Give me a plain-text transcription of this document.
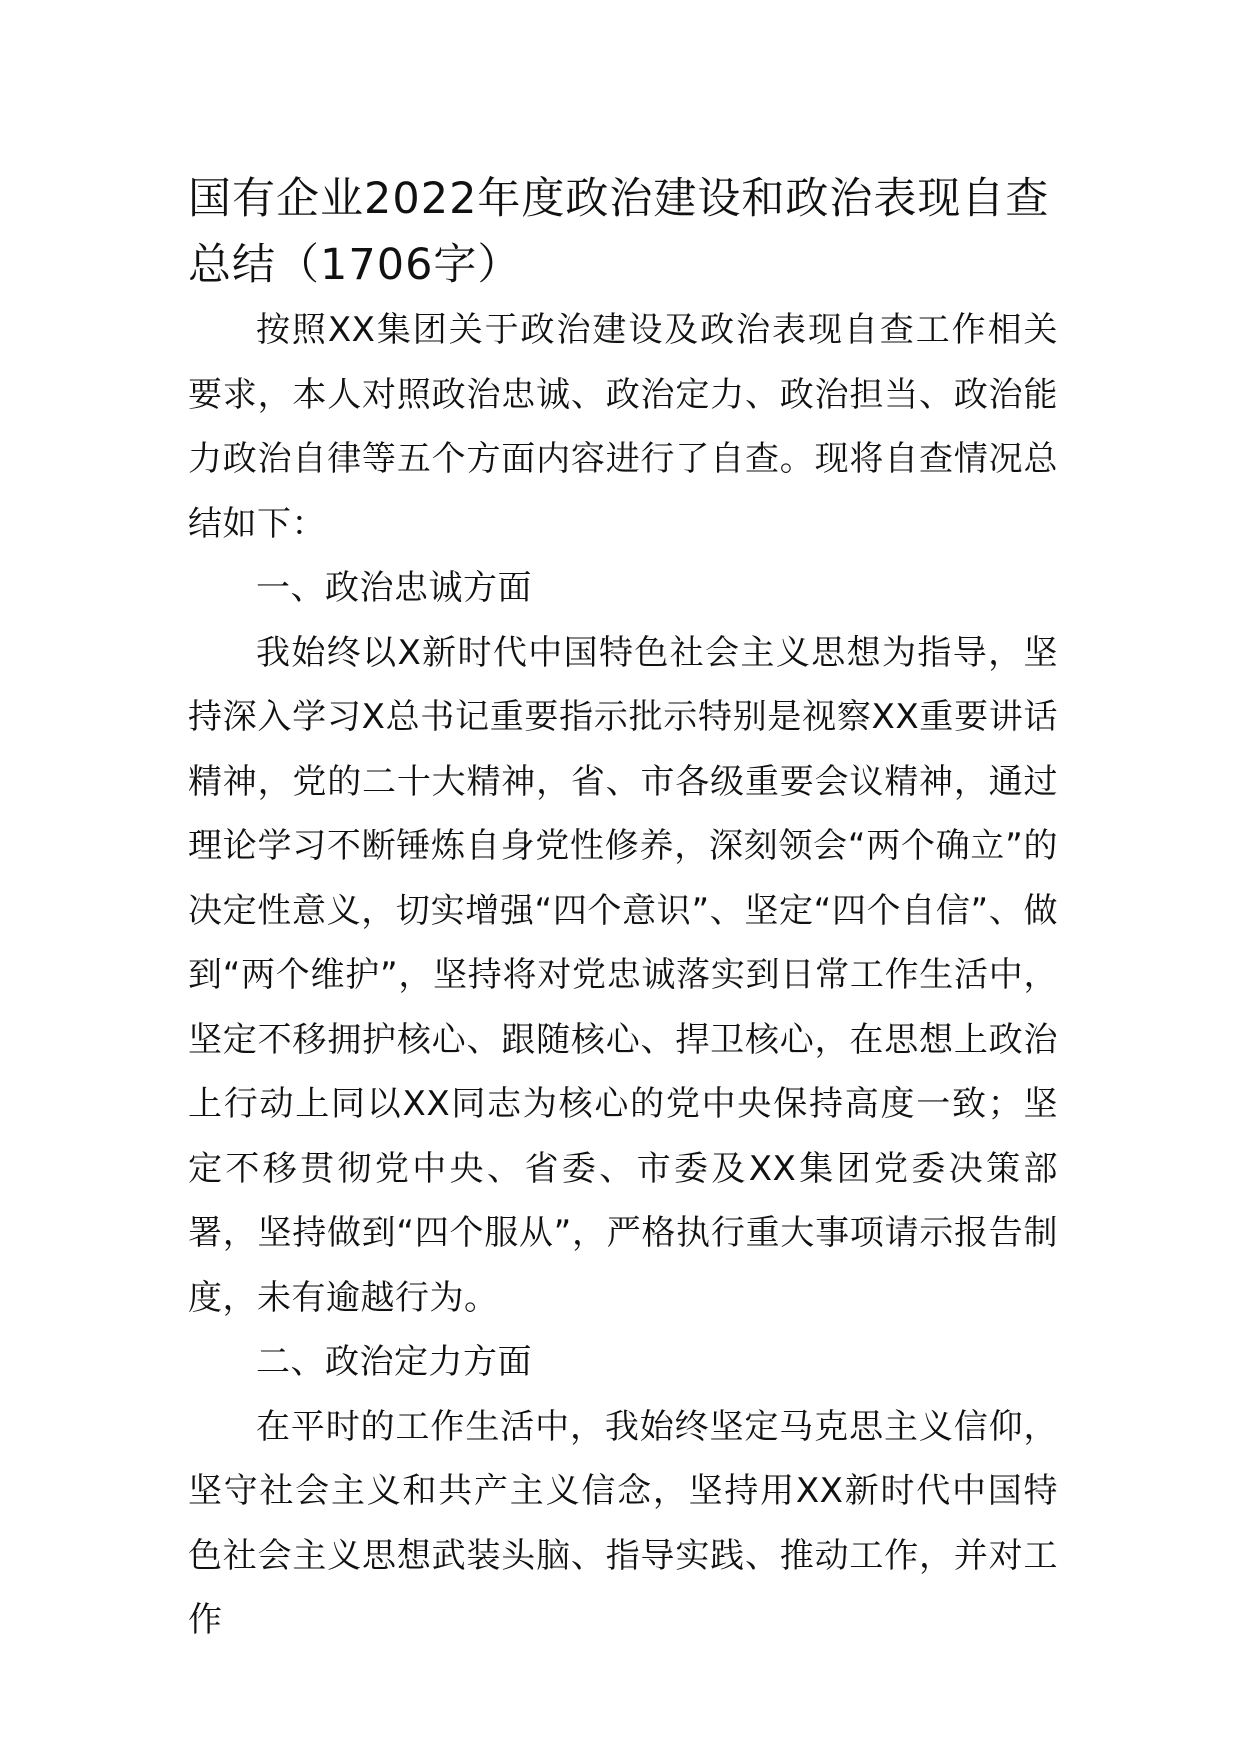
国有企业2022年度政治建设和政治表现自查总结（1706字）

按照XX集团关于政治建设及政治表现自查工作相关要求，本人对照政治忠诚、政治定力、政治担当、政治能力政治自律等五个方面内容进行了自查。现将自查情况总结如下：

一、政治忠诚方面

我始终以X新时代中国特色社会主义思想为指导，坚持深入学习X总书记重要指示批示特别是视察XX重要讲话精神，党的二十大精神，省、市各级重要会议精神，通过理论学习不断锤炼自身党性修养，深刻领会“两个确立”的决定性意义，切实增强“四个意识”、坚定“四个自信”、做到“两个维护”，坚持将对党忠诚落实到日常工作生活中，坚定不移拥护核心、跟随核心、捍卫核心，在思想上政治上行动上同以XX同志为核心的党中央保持高度一致；坚定不移贯彻党中央、省委、市委及XX集团党委决策部署，坚持做到“四个服从”，严格执行重大事项请示报告制度，未有逾越行为。

二、政治定力方面

在平时的工作生活中，我始终坚定马克思主义信仰，坚守社会主义和共产主义信念，坚持用XX新时代中国特色社会主义思想武装头脑、指导实践、推动工作，并对工作
